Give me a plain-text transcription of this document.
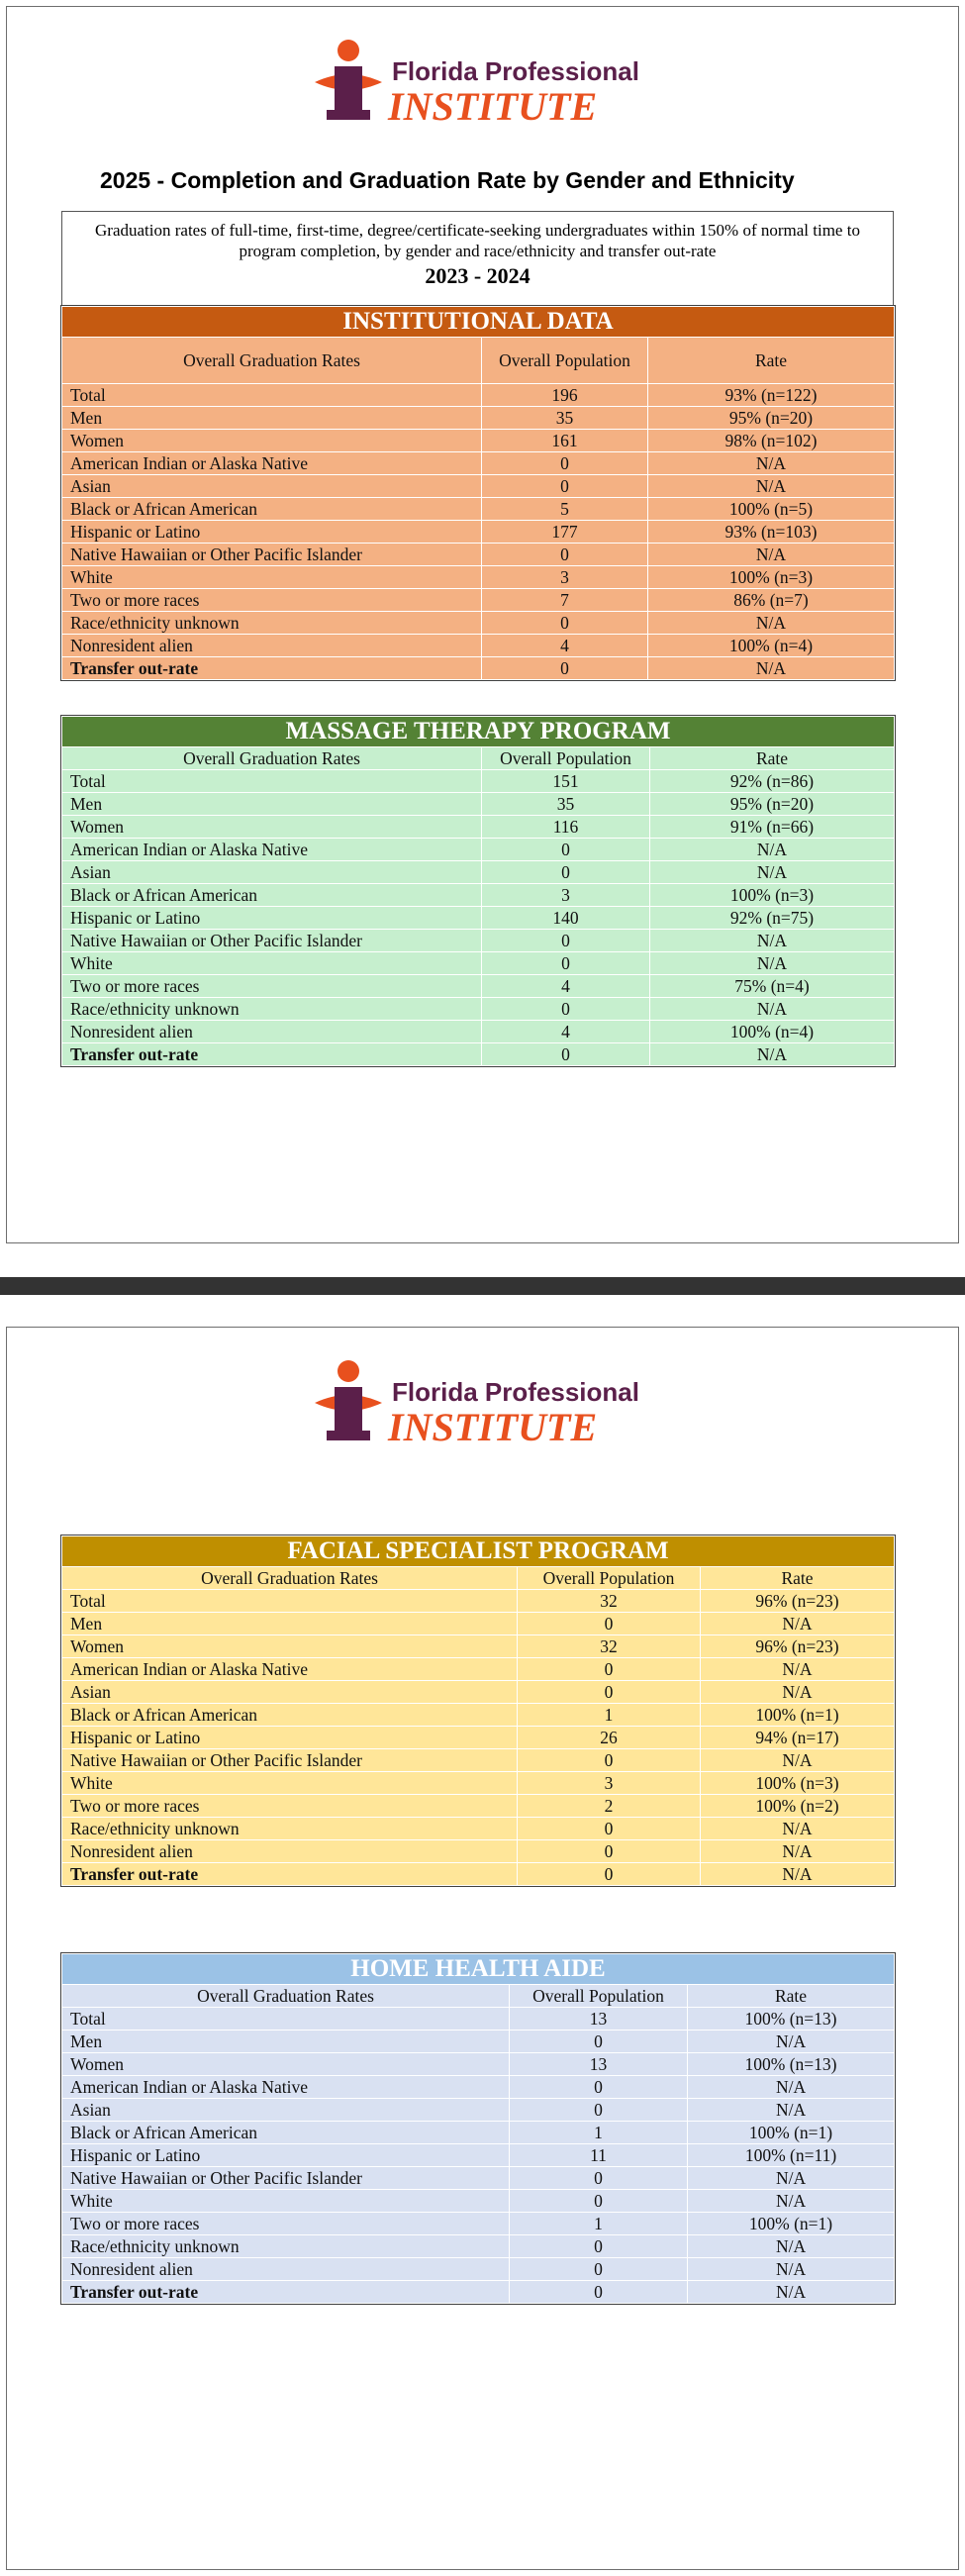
Florida Professional
INSTITUTE
2025 - Completion and Graduation Rate by Gender and Ethnicity
Graduation rates of full-time, first-time, degree/certificate-seeking undergraduates within 150% of normal time to program completion, by gender and race/ethnicity and transfer out-rate
2023 - 2024
INSTITUTIONAL DATA		
Overall Graduation Rates	Overall Population	Rate
Total	196	93% (n=122)
Men	35	95% (n=20)
Women	161	98% (n=102)
American Indian or Alaska Native	0	N/A
Asian	0	N/A
Black or African American	5	100% (n=5)
Hispanic or Latino	177	93% (n=103)
Native Hawaiian or Other Pacific Islander	0	N/A
White	3	100% (n=3)
Two or more races	7	86% (n=7)
Race/ethnicity unknown	0	N/A
Nonresident alien	4	100% (n=4)
Transfer out-rate	0	N/A
MASSAGE THERAPY PROGRAM		
Overall Graduation Rates	Overall Population	Rate
Total	151	92% (n=86)
Men	35	95% (n=20)
Women	116	91% (n=66)
American Indian or Alaska Native	0	N/A
Asian	0	N/A
Black or African American	3	100% (n=3)
Hispanic or Latino	140	92% (n=75)
Native Hawaiian or Other Pacific Islander	0	N/A
White	0	N/A
Two or more races	4	75% (n=4)
Race/ethnicity unknown	0	N/A
Nonresident alien	4	100% (n=4)
Transfer out-rate	0	N/A
Florida Professional
INSTITUTE
FACIAL SPECIALIST PROGRAM		
Overall Graduation Rates	Overall Population	Rate
Total	32	96% (n=23)
Men	0	N/A
Women	32	96% (n=23)
American Indian or Alaska Native	0	N/A
Asian	0	N/A
Black or African American	1	100% (n=1)
Hispanic or Latino	26	94% (n=17)
Native Hawaiian or Other Pacific Islander	0	N/A
White	3	100% (n=3)
Two or more races	2	100% (n=2)
Race/ethnicity unknown	0	N/A
Nonresident alien	0	N/A
Transfer out-rate	0	N/A
HOME HEALTH AIDE		
Overall Graduation Rates	Overall Population	Rate
Total	13	100% (n=13)
Men	0	N/A
Women	13	100% (n=13)
American Indian or Alaska Native	0	N/A
Asian	0	N/A
Black or African American	1	100% (n=1)
Hispanic or Latino	11	100% (n=11)
Native Hawaiian or Other Pacific Islander	0	N/A
White	0	N/A
Two or more races	1	100% (n=1)
Race/ethnicity unknown	0	N/A
Nonresident alien	0	N/A
Transfer out-rate	0	N/A
